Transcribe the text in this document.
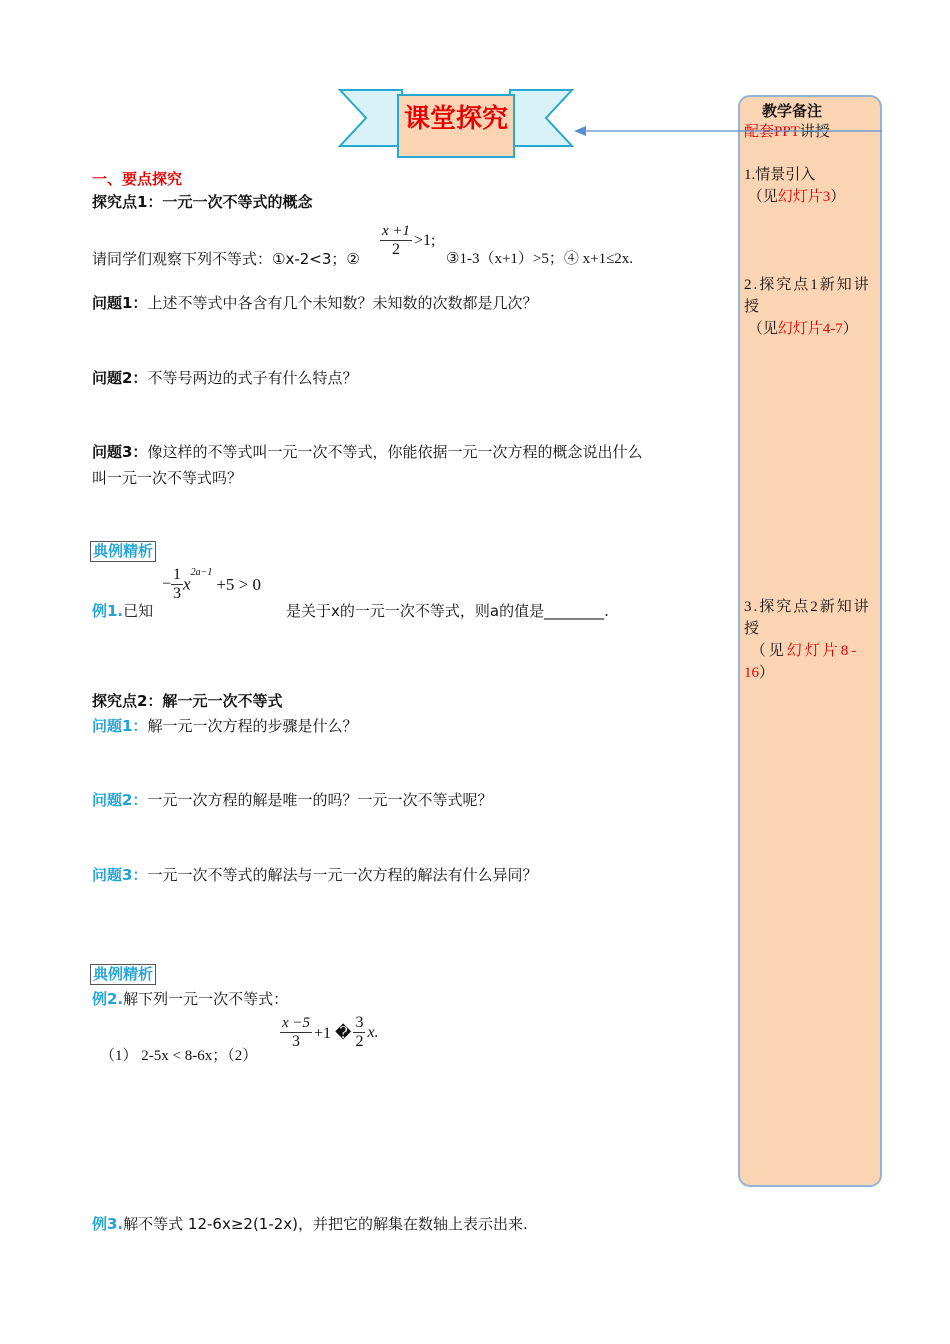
课堂探究	教学备注
配套PPT讲授
1.情景引入
（见幻灯片3）
2.探究点1新知讲
授
（见幻灯片4-7）
3.探究点2新知讲
授
（见幻灯片8-
16）
一、要点探究
探究点1：一元一次不等式的概念
请同学们观察下列不等式：①x-2<3；② $\frac{x +1}{2} >1$;
③1-3（x+1）>5；④ x+1≤2x.
问题1：上述不等式中各含有几个未知数？未知数的次数都是几次？
问题2：不等号两边的式子有什么特点？
问题3：像这样的不等式叫一元一次不等式，你能依据一元一次方程的概念说出什么
叫一元一次不等式吗？
典例精析
− $\frac{1}{3} x^{2a-1}+5 > 0$
例1.已知	是关于x的一元一次不等式，则a的值是________.
探究点2：解一元一次不等式
问题1：解一元一次方程的步骤是什么？
问题2：一元一次方程的解是唯一的吗？一元一次不等式呢？
问题3：一元一次不等式的解法与一元一次方程的解法有什么异同？
典例精析
例2.解下列一元一次不等式：
（1） 2-5x < 8-6x；（2）
$\frac{x -5}{3} +1$ � $\frac{3}{2} x$.
例3.解不等式 12-6x≥2(1-2x)，并把它的解集在数轴上表示出来.
